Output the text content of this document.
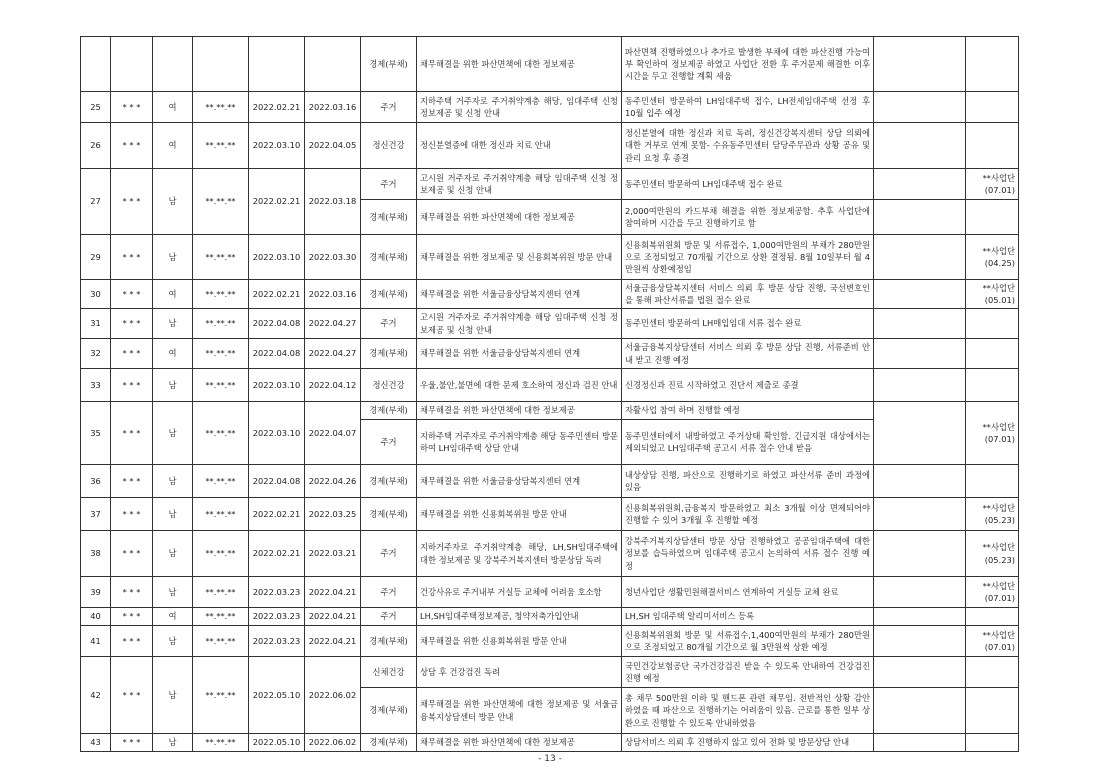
						경제(부채)	채무해결을 위한 파산면책에 대한 정보제공	파산면책 진행하였으나 추가로 발생한 부채에 대한 파산진행 가능여부 확인하여 정보제공 하였고 사업단 전환 후 주거문제 해결한 이후 시간을 두고 진행할 계획 세움		
25	* * *	여	**.**.**	2022.02.21	2022.03.16	주거	지하주택 거주자로 주거취약계층 해당, 임대주택 신청 정보제공 및 신청 안내	동주민센터 방문하여 LH임대주택 접수, LH전세임대주택 선정 후 10월 입주 예정		
26	* * *	여	**.**.**	2022.03.10	2022.04.05	정신건강	정신분열증에 대한 정신과 치료 안내	정신분열에 대한 정신과 치료 독려, 정신건강복지센터 상담 의뢰에 대한 거부로 연계 못함- 수유동주민센터 담당주무관과 상황 공유 및 관리 요청 후 종결		
27	* * *	남	**.**.**	2022.02.21	2022.03.18	주거	고시원 거주자로 주거취약계층 해당 임대주택 신청 정보제공 및 신청 안내	동주민센터 방문하여 LH임대주택 접수 완료		**사업단(07.01)
						경제(부채)	채무해결을 위한 파산면책에 대한 정보제공	2,000여만원의 카드부채 해결을 위한 정보제공함. 추후 사업단에 참여하며 시간을 두고 진행하기로 함		
29	* * *	남	**.**.**	2022.03.10	2022.03.30	경제(부채)	채무해결을 위한 정보제공 및 신용회복위원 방문 안내	신용회복위원회 방문 및 서류접수, 1,000여만원의 부채가 280만원으로 조정되었고 70개월 기간으로 상환 결정됨. 8월 10일부터 월 4만원씩 상환예정임		**사업단(04.25)
30	* * *	여	**.**.**	2022.02.21	2022.03.16	경제(부채)	채무해결을 위한 서울금융상담복지센터 연계	서울금융상담복지센터 서비스 의뢰 후 방문 상담 진행, 국선변호인을 통해 파산서류를 법원 접수 완료		**사업단(05.01)
31	* * *	남	**.**.**	2022.04.08	2022.04.27	주거	고시원 거주자로 주거취약계층 해당 임대주택 신청 정보제공 및 신청 안내	동주민센터 방문하여 LH매입임대 서류 접수 완료		
32	* * *	여	**.**.**	2022.04.08	2022.04.27	경제(부채)	채무해결을 위한 서울금융상담복지센터 연계	서울금융복지상담센터 서비스 의뢰 후 방문 상담 진행, 서류준비 안내 받고 진행 예정		
33	* * *	남	**.**.**	2022.03.10	2022.04.12	정신건강	우울,불안,불면에 대한 문제 호소하여 정신과 검진 안내	신경정신과 진료 시작하였고 진단서 제출로 종결		
35	* * *	남	**.**.**	2022.03.10	2022.04.07	경제(부채)	채무해결을 위한 파산면책에 대한 정보제공	자활사업 참여 하며 진행할 예정		**사업단(07.01)
						주거	지하주택 거주자로 주거취약계층 해당 동주민센터 방문하여 LH임대주택 상담 안내	동주민센터에서 내방하였고 주거상태 확인함. 긴급지원 대상에서는 제외되었고 LH임대주택 공고시 서류 접수 안내 받음		
36	* * *	남	**.**.**	2022.04.08	2022.04.26	경제(부채)	채무해결을 위한 서울금융상담복지센터 연계	내상상담 진행, 파산으로 진행하기로 하였고 파산서류 준비 과정에 있음		
37	* * *	남	**.**.**	2022.02.21	2022.03.25	경제(부채)	채무해결을 위한 신용회복위원 방문 안내	신용회복위원회,금융복지 방문하였고 최소 3개월 이상 면제되어야 진행할 수 있어 3개월 후 진행할 예정		**사업단(05.23)
38	* * *	남	**.**.**	2022.02.21	2022.03.21	주거	지하거주자로 주거취약계층 해당, LH,SH임대주택에 대한 정보제공 및 강북주거복지센터 방문상담 독려	강북주거복지상담센터 방문 상담 진행하였고 공공임대주택에 대한 정보를 습득하였으며 임대주택 공고시 논의하여 서류 접수 진행 예정		**사업단(05.23)
39	* * *	남	**.**.**	2022.03.23	2022.04.21	주거	건강사유로 주거내부 거실등 교체에 어려움 호소함	청년사업단 생활민원해결서비스 연계하여 거실등 교체 완료		**사업단(07.01)
40	* * *	여	**.**.**	2022.03.23	2022.04.21	주거	LH,SH임대주택정보제공, 청약저축가입안내	LH,SH 임대주택 알리미서비스 등록		
41	* * *	남	**.**.**	2022.03.23	2022.04.21	경제(부채)	채무해결을 위한 신용회복위원 방문 안내	신용회복위원회 방문 및 서류접수,1,400여만원의 부채가 280만원으로 조정되었고 80개월 기간으로 월 3만원씩 상환 예정		**사업단(07.01)
42	* * *	남	**.**.**	2022.05.10	2022.06.02	신체건강	상담 후 건강검진 독려	국민건강보험공단 국가건강검진 받을 수 있도록 안내하여 건강검진 진행 예정		
						경제(부채)	채무해결을 위한 파산면책에 대한 정보제공 및 서울금융복지상담센터 방문 안내	총 채무 500만원 이하 및 핸드폰 관련 채무임. 전반적인 상황 감안하였을 때 파산으로 진행하기는 어려움이 있음. 근로를 통한 일부 상환으로 진행할 수 있도록 안내하였음		
43	* * *	남	**.**.**	2022.05.10	2022.06.02	경제(부채)	채무해결을 위한 파산면책에 대한 정보제공	상담서비스 의뢰 후 진행하지 않고 있어 전화 및 방문상담 안내		
- 13 -
